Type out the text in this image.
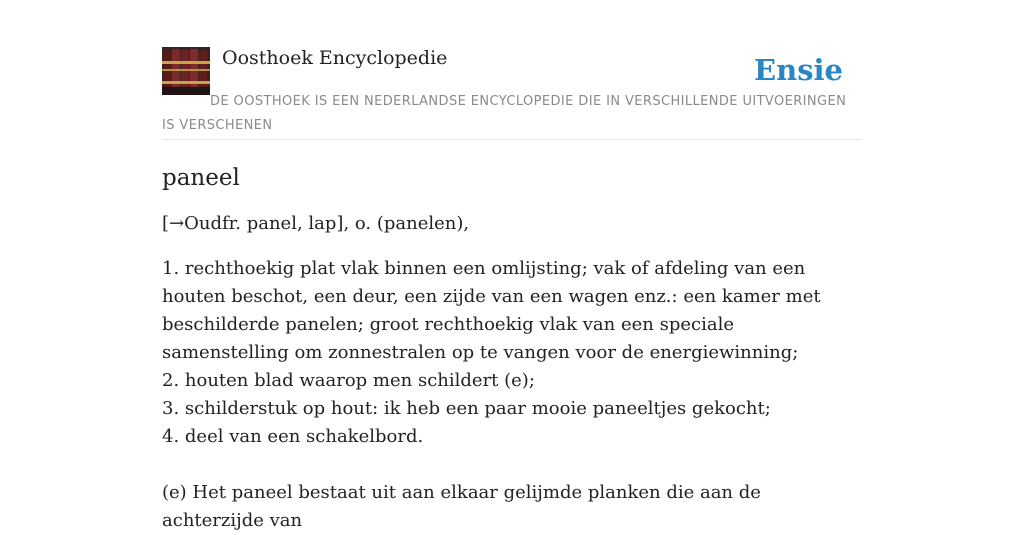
Oosthoek Encyclopedie	Ensie
DE OOSTHOEK IS EEN NEDERLANDSE ENCYCLOPEDIE DIE IN VERSCHILLENDE UITVOERINGEN IS VERSCHENEN
paneel

[→Oudfr. panel, lap], o. (panelen),

1. rechthoekig plat vlak binnen een omlijsting; vak of afdeling van een houten beschot, een deur, een zijde van een wagen enz.: een kamer met beschilderde panelen; groot rechthoekig vlak van een speciale samenstelling om zonnestralen op te vangen voor de energiewinning;
2. houten blad waarop men schildert (e);
3. schilderstuk op hout: ik heb een paar mooie paneeltjes gekocht;
4. deel van een schakelbord.

(e) Het paneel bestaat uit aan elkaar gelijmde planken die aan de achterzijde van
